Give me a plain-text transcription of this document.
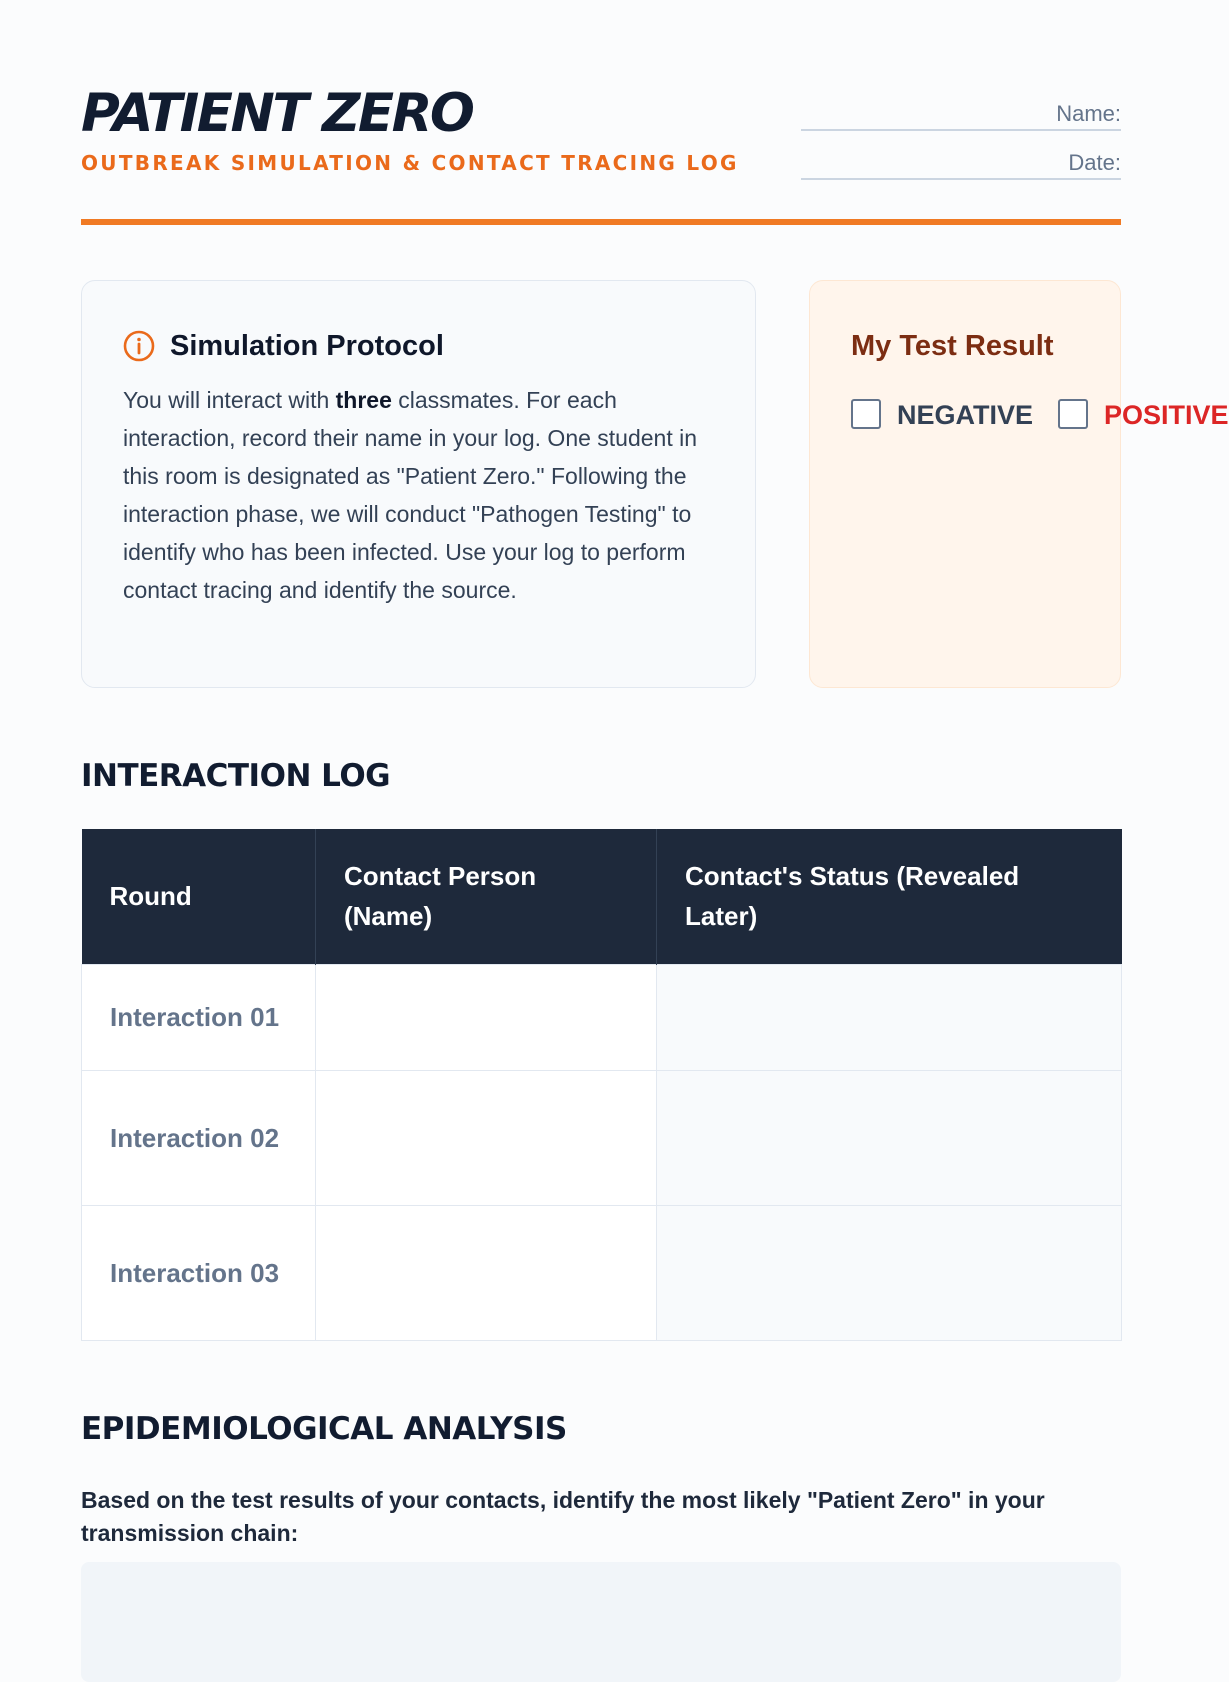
PATIENT ZERO
OUTBREAK SIMULATION & CONTACT TRACING LOG
Name:
Date:
Simulation Protocol

You will interact with three classmates. For each interaction, record their name in your log. One student in this room is designated as "Patient Zero." Following the interaction phase, we will conduct "Pathogen Testing" to identify who has been infected. Use your log to perform contact tracing and identify the source.

My Test Result
NEGATIVE	POSITIVE
INTERACTION LOG
Round	Contact Person (Name)	Contact's Status (Revealed Later)
Interaction 01		
Interaction 02		
Interaction 03		
EPIDEMIOLOGICAL ANALYSIS

Based on the test results of your contacts, identify the most likely "Patient Zero" in your transmission chain:
